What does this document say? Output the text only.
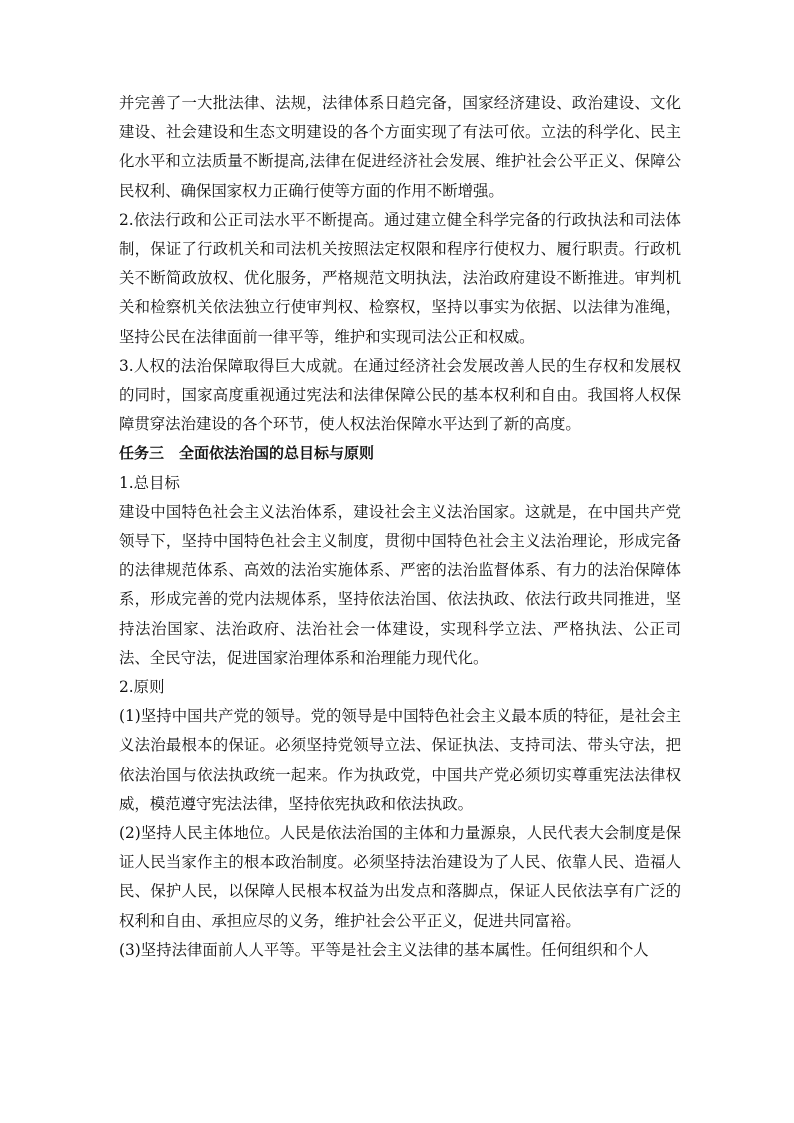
并完善了一大批法律、法规，法律体系日趋完备，国家经济建设、政治建设、文化建设、社会建设和生态文明建设的各个方面实现了有法可依。立法的科学化、民主化水平和立法质量不断提高,法律在促进经济社会发展、维护社会公平正义、保障公民权利、确保国家权力正确行使等方面的作用不断增强。

2.依法行政和公正司法水平不断提高。通过建立健全科学完备的行政执法和司法体制，保证了行政机关和司法机关按照法定权限和程序行使权力、履行职责。行政机关不断简政放权、优化服务，严格规范文明执法，法治政府建设不断推进。审判机关和检察机关依法独立行使审判权、检察权，坚持以事实为依据、以法律为准绳，坚持公民在法律面前一律平等，维护和实现司法公正和权威。

3.人权的法治保障取得巨大成就。在通过经济社会发展改善人民的生存权和发展权的同时，国家高度重视通过宪法和法律保障公民的基本权利和自由。我国将人权保障贯穿法治建设的各个环节，使人权法治保障水平达到了新的高度。

任务三　全面依法治国的总目标与原则

1.总目标

建设中国特色社会主义法治体系，建设社会主义法治国家。这就是，在中国共产党领导下，坚持中国特色社会主义制度，贯彻中国特色社会主义法治理论，形成完备的法律规范体系、高效的法治实施体系、严密的法治监督体系、有力的法治保障体系，形成完善的党内法规体系，坚持依法治国、依法执政、依法行政共同推进，坚持法治国家、法治政府、法治社会一体建设，实现科学立法、严格执法、公正司法、全民守法，促进国家治理体系和治理能力现代化。

2.原则

(1)坚持中国共产党的领导。党的领导是中国特色社会主义最本质的特征，是社会主义法治最根本的保证。必须坚持党领导立法、保证执法、支持司法、带头守法，把依法治国与依法执政统一起来。作为执政党，中国共产党必须切实尊重宪法法律权威，模范遵守宪法法律，坚持依宪执政和依法执政。

(2)坚持人民主体地位。人民是依法治国的主体和力量源泉，人民代表大会制度是保证人民当家作主的根本政治制度。必须坚持法治建设为了人民、依靠人民、造福人民、保护人民，以保障人民根本权益为出发点和落脚点，保证人民依法享有广泛的权利和自由、承担应尽的义务，维护社会公平正义，促进共同富裕。

(3)坚持法律面前人人平等。平等是社会主义法律的基本属性。任何组织和个人
